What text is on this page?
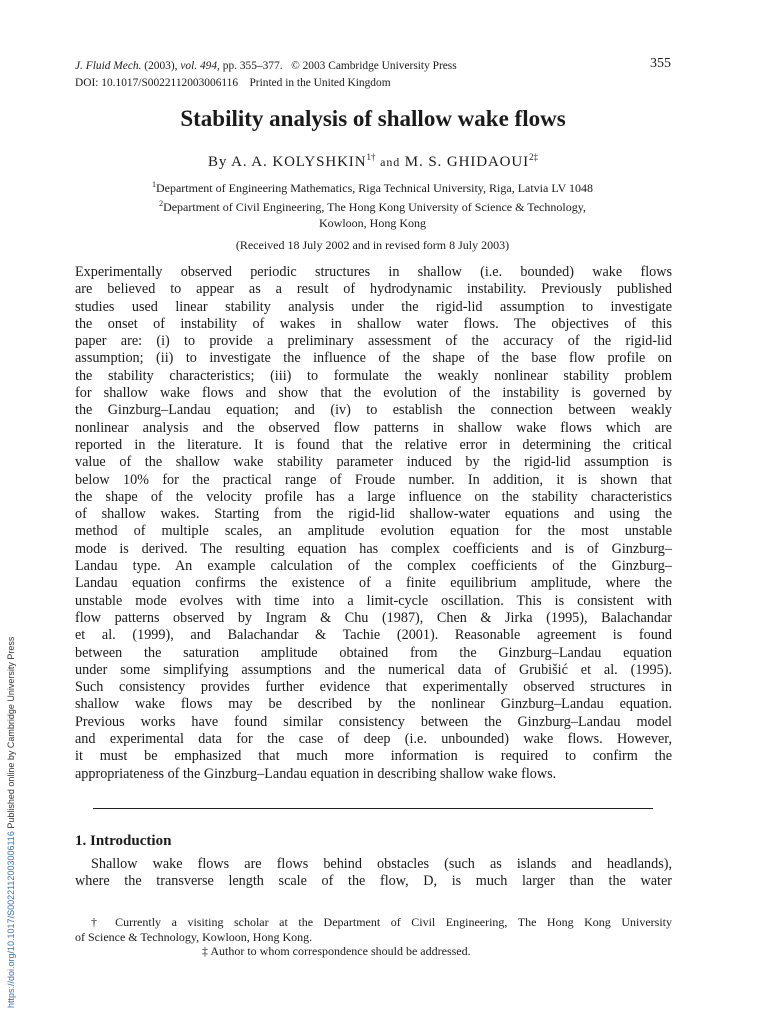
J. Fluid Mech. (2003), vol. 494, pp. 355–377. © 2003 Cambridge University Press
DOI: 10.1017/S0022112003006116 Printed in the United Kingdom
355
Stability analysis of shallow wake flows
By A. A. $KOLYSHKIN^{1\dagger}$ and M. S. $GHIDAOUI^{2\ddagger}$
$^1$Department of Engineering Mathematics, Riga Technical University, Riga, Latvia LV 1048
$^2$Department of Civil Engineering, The Hong Kong University of Science & Technology,
Kowloon, Hong Kong
(Received 18 July 2002 and in revised form 8 July 2003)
Experimentally observed periodic structures in shallow (i.e. bounded) wake flows
are believed to appear as a result of hydrodynamic instability. Previously published
studies used linear stability analysis under the rigid-lid assumption to investigate
the onset of instability of wakes in shallow water flows. The objectives of this
paper are: (i) to provide a preliminary assessment of the accuracy of the rigid-lid
assumption; (ii) to investigate the influence of the shape of the base flow profile on
the stability characteristics; (iii) to formulate the weakly nonlinear stability problem
for shallow wake flows and show that the evolution of the instability is governed by
the Ginzburg–Landau equation; and (iv) to establish the connection between weakly
nonlinear analysis and the observed flow patterns in shallow wake flows which are
reported in the literature. It is found that the relative error in determining the critical
value of the shallow wake stability parameter induced by the rigid-lid assumption is
below 10% for the practical range of Froude number. In addition, it is shown that
the shape of the velocity profile has a large influence on the stability characteristics
of shallow wakes. Starting from the rigid-lid shallow-water equations and using the
method of multiple scales, an amplitude evolution equation for the most unstable
mode is derived. The resulting equation has complex coefficients and is of Ginzburg–
Landau type. An example calculation of the complex coefficients of the Ginzburg–
Landau equation confirms the existence of a finite equilibrium amplitude, where the
unstable mode evolves with time into a limit-cycle oscillation. This is consistent with
flow patterns observed by Ingram & Chu (1987), Chen & Jirka (1995), Balachandar
et al. (1999), and Balachandar & Tachie (2001). Reasonable agreement is found
between the saturation amplitude obtained from the Ginzburg–Landau equation
under some simplifying assumptions and the numerical data of Grubišić et al. (1995).
Such consistency provides further evidence that experimentally observed structures in
shallow wake flows may be described by the nonlinear Ginzburg–Landau equation.
Previous works have found similar consistency between the Ginzburg–Landau model
and experimental data for the case of deep (i.e. unbounded) wake flows. However,
it must be emphasized that much more information is required to confirm the
appropriateness of the Ginzburg–Landau equation in describing shallow wake flows.
1. Introduction
Shallow wake flows are flows behind obstacles (such as islands and headlands),
where the transverse length scale of the flow, D, is much larger than the water
† Currently a visiting scholar at the Department of Civil Engineering, The Hong Kong University
of Science & Technology, Kowloon, Hong Kong.
‡ Author to whom correspondence should be addressed.
https://doi.org/10.1017/S0022112003006116 Published online by Cambridge University Press
